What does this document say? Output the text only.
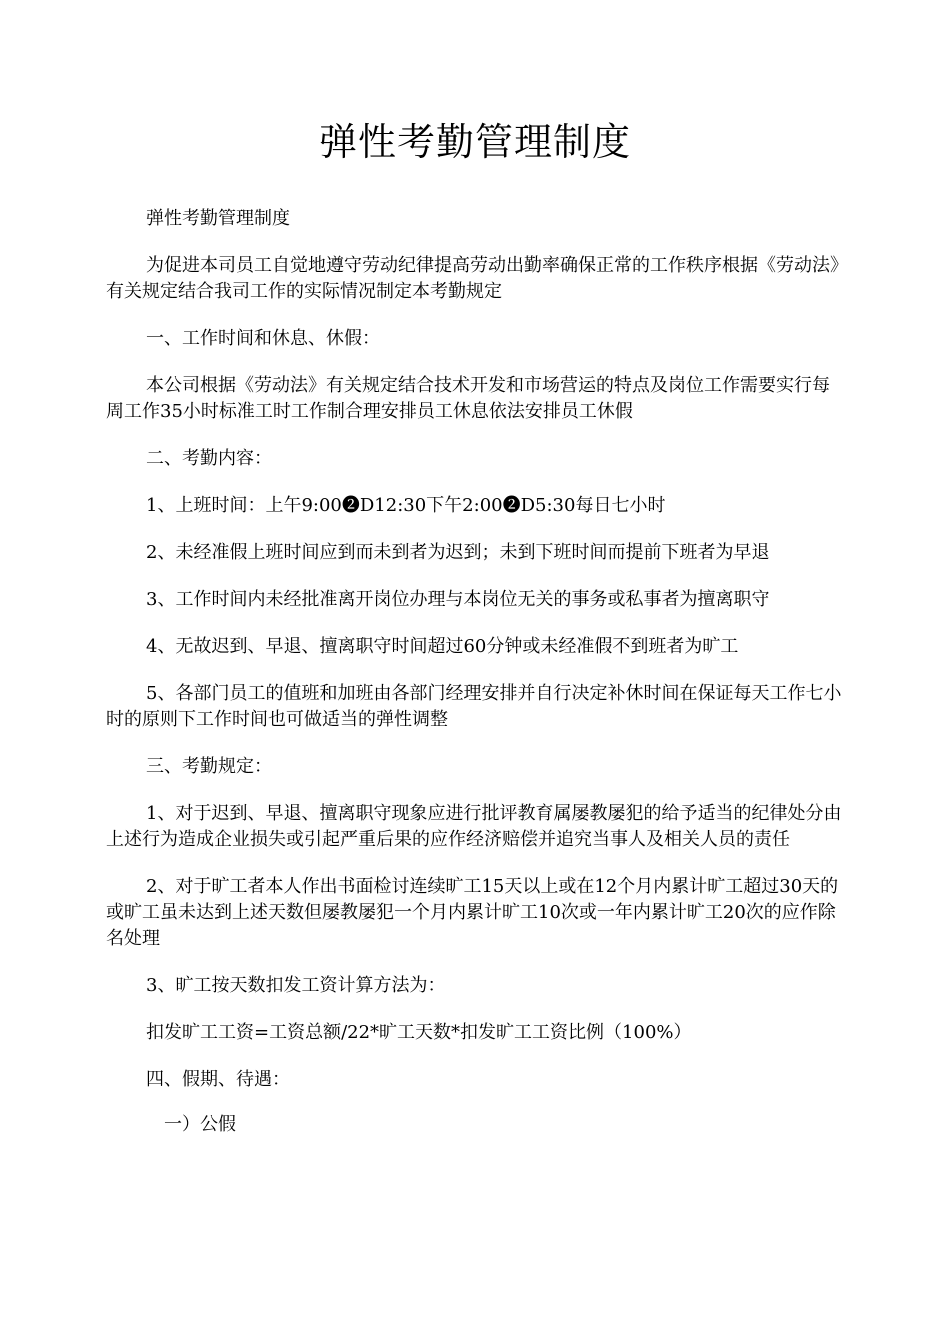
弹性考勤管理制度

弹性考勤管理制度

为促进本司员工自觉地遵守劳动纪律提高劳动出勤率确保正常的工作秩序根据《劳动法》有关规定结合我司工作的实际情况制定本考勤规定

一、工作时间和休息、休假：

本公司根据《劳动法》有关规定结合技术开发和市场营运的特点及岗位工作需要实行每周工作35小时标准工时工作制合理安排员工休息依法安排员工休假

二、考勤内容：

1、上班时间：上午9:00❷D12:30下午2:00❷D5:30每日七小时

2、未经准假上班时间应到而未到者为迟到；未到下班时间而提前下班者为早退

3、工作时间内未经批准离开岗位办理与本岗位无关的事务或私事者为擅离职守

4、无故迟到、早退、擅离职守时间超过60分钟或未经准假不到班者为旷工

5、各部门员工的值班和加班由各部门经理安排并自行决定补休时间在保证每天工作七小时的原则下工作时间也可做适当的弹性调整

三、考勤规定：

1、对于迟到、早退、擅离职守现象应进行批评教育属屡教屡犯的给予适当的纪律处分由上述行为造成企业损失或引起严重后果的应作经济赔偿并追究当事人及相关人员的责任

2、对于旷工者本人作出书面检讨连续旷工15天以上或在12个月内累计旷工超过30天的或旷工虽未达到上述天数但屡教屡犯一个月内累计旷工10次或一年内累计旷工20次的应作除名处理

3、旷工按天数扣发工资计算方法为：

扣发旷工工资=工资总额/22*旷工天数*扣发旷工工资比例（100%）

四、假期、待遇：

一）公假
